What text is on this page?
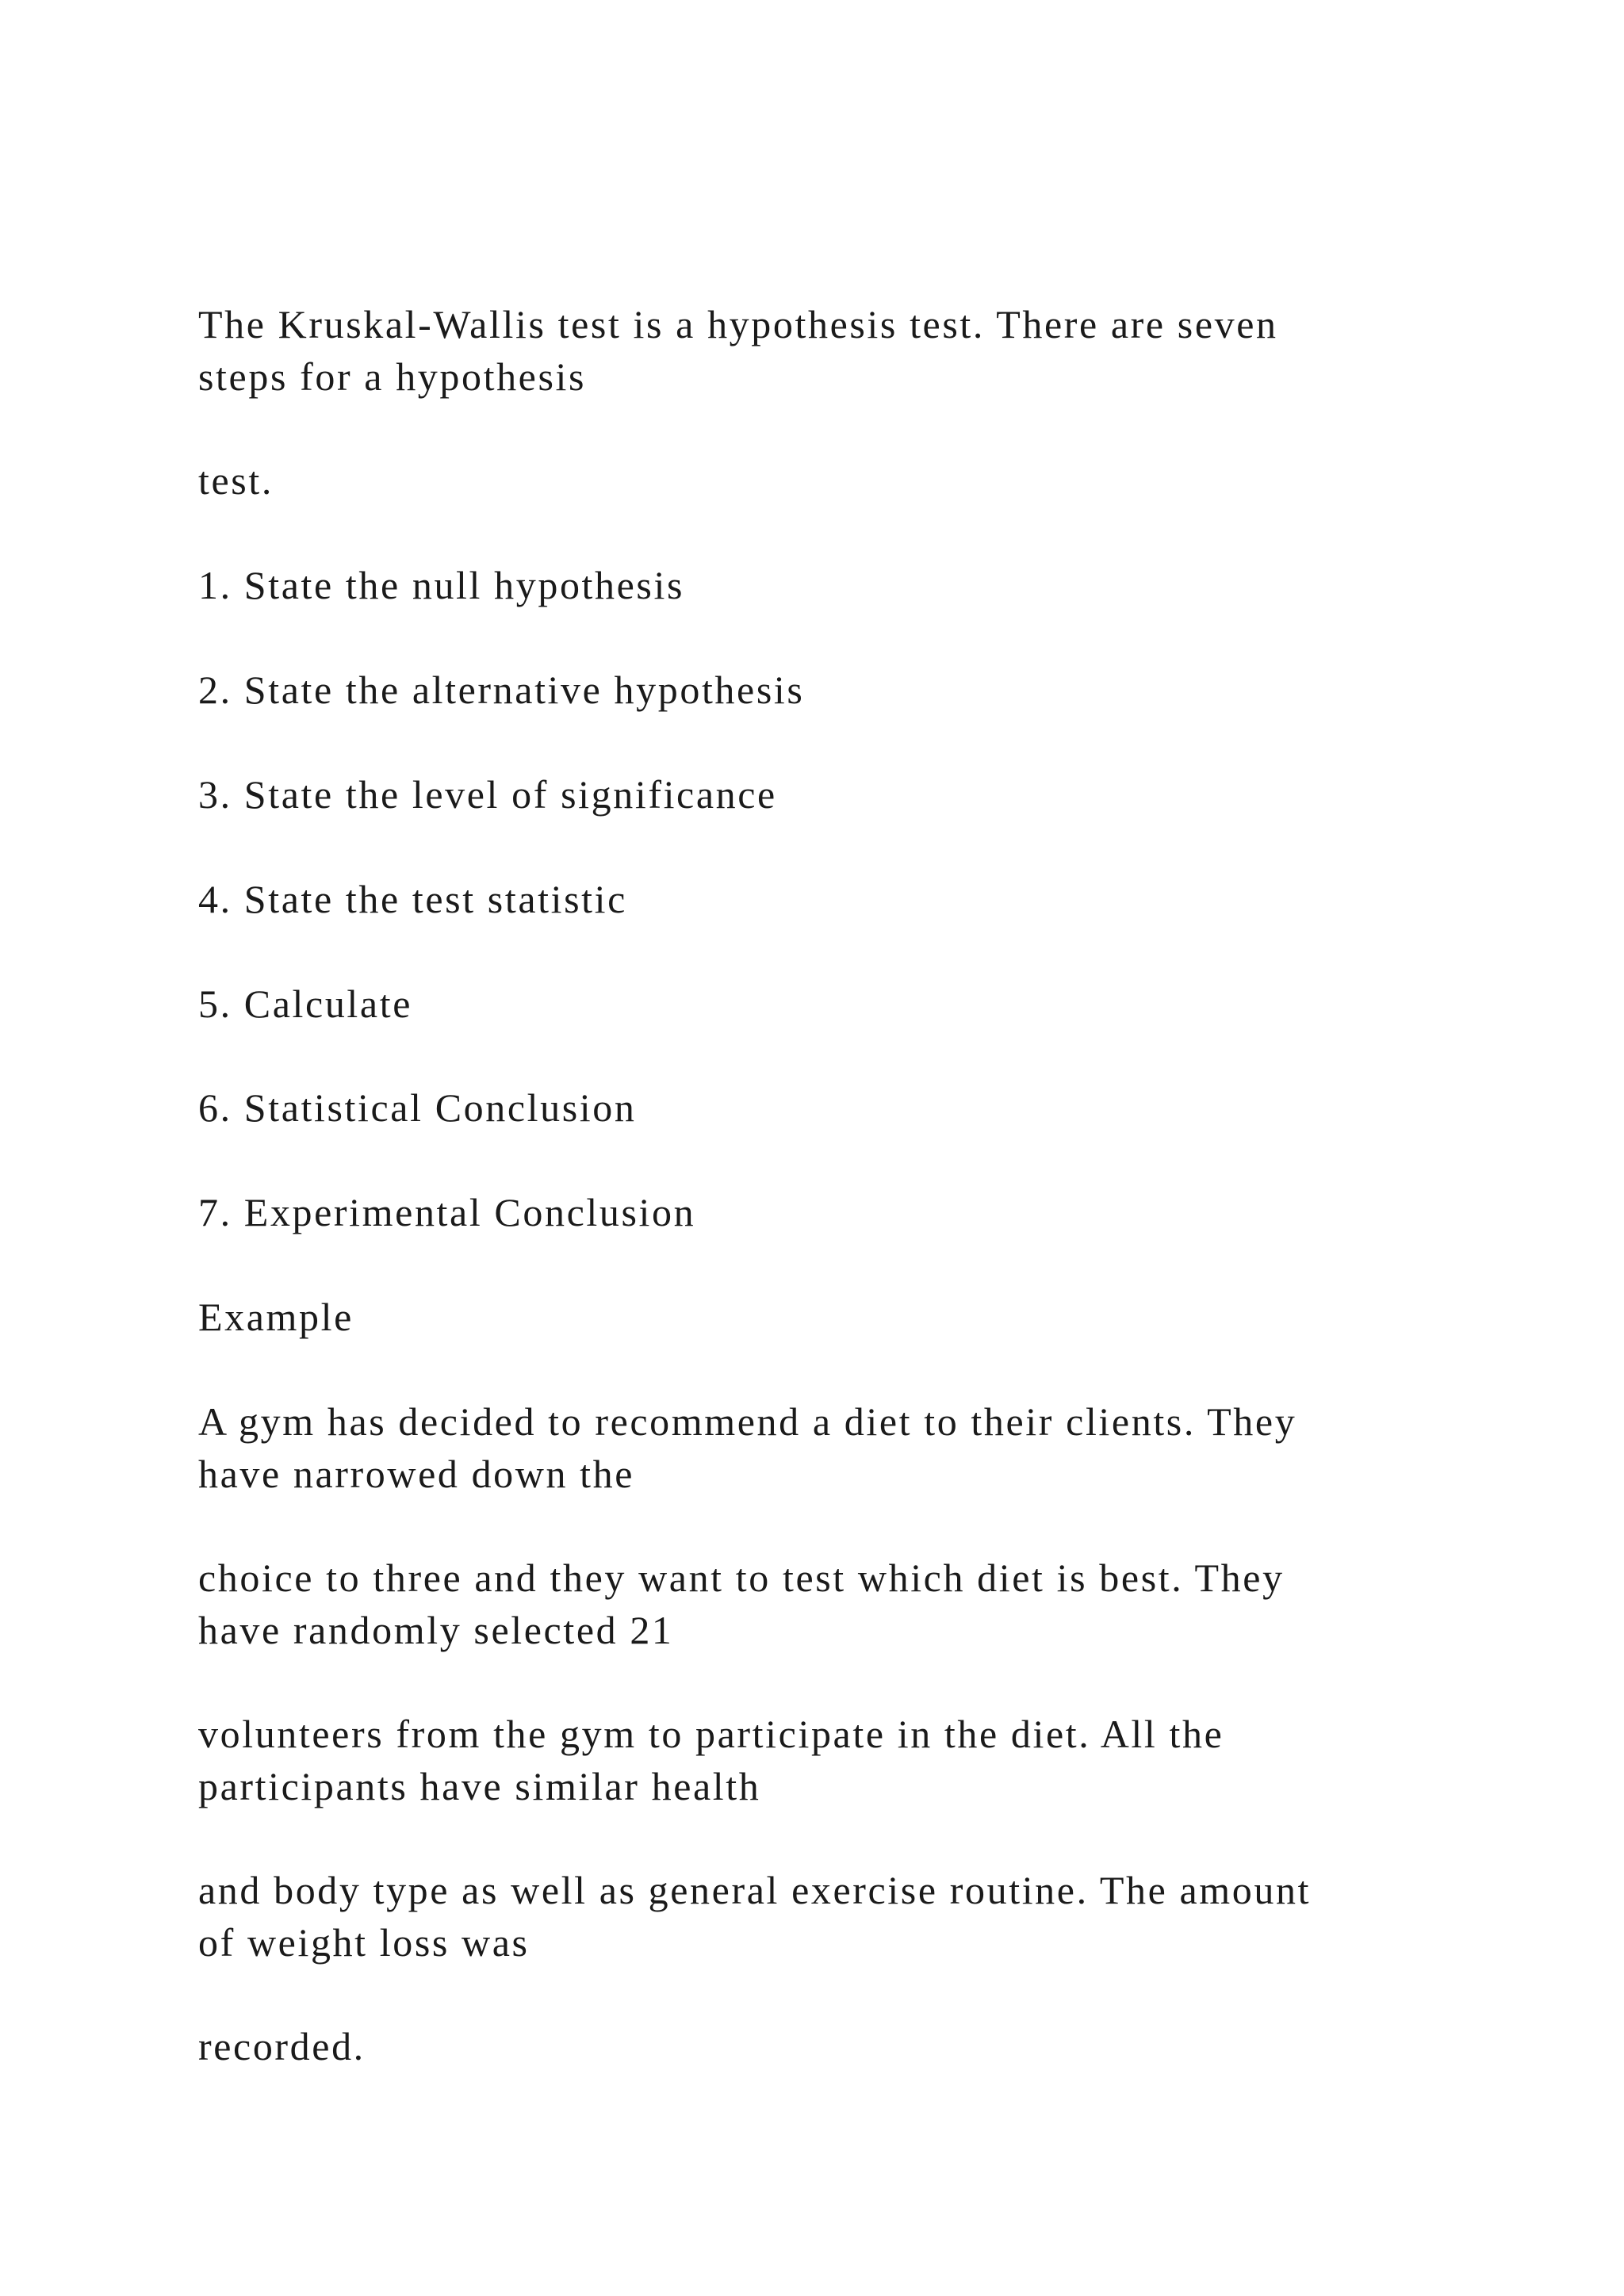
The Kruskal-Wallis test is a hypothesis test. There are seven
steps for a hypothesis

test.

1. State the null hypothesis

2. State the alternative hypothesis

3. State the level of significance

4. State the test statistic

5. Calculate

6. Statistical Conclusion

7. Experimental Conclusion

Example

A gym has decided to recommend a diet to their clients. They
have narrowed down the

choice to three and they want to test which diet is best. They
have randomly selected 21

volunteers from the gym to participate in the diet. All the
participants have similar health

and body type as well as general exercise routine. The amount
of weight loss was

recorded.
